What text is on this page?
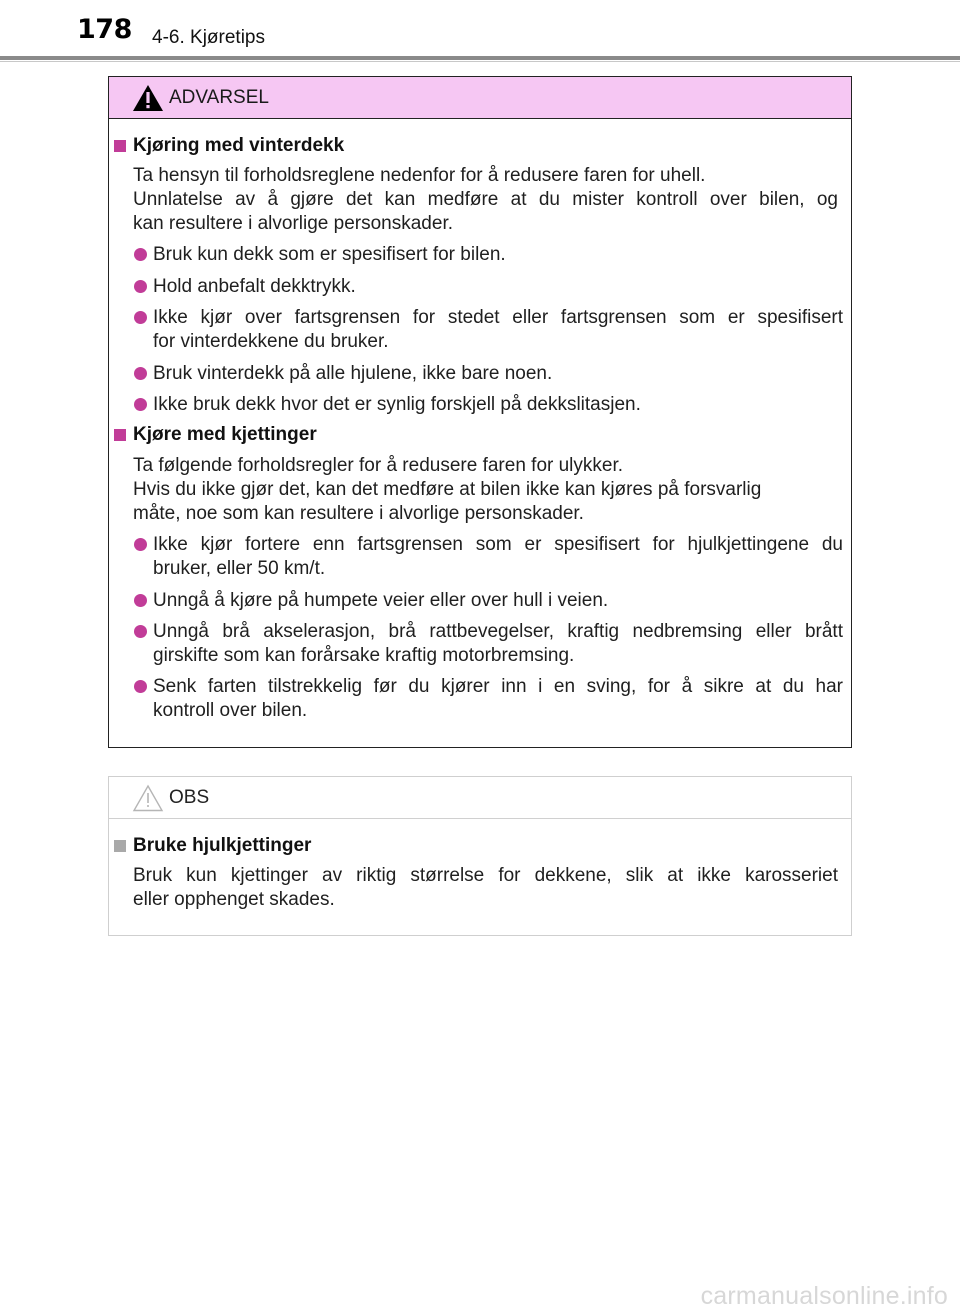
178 4-6. Kjøretips
ADVARSEL
OBS
Kjøring med vinterdekk
Ta hensyn til forholdsreglene nedenfor for å redusere faren for uhell.
Unnlatelse av å gjøre det kan medføre at du mister kontroll over bilen, og
kan resultere i alvorlige personskader.
Bruk kun dekk som er spesifisert for bilen.
Hold anbefalt dekktrykk.
Ikke kjør over fartsgrensen for stedet eller fartsgrensen som er spesifisert
for vinterdekkene du bruker.
Bruk vinterdekk på alle hjulene, ikke bare noen.
Ikke bruk dekk hvor det er synlig forskjell på dekkslitasjen.
Kjøre med kjettinger
Ta følgende forholdsregler for å redusere faren for ulykker.
Hvis du ikke gjør det, kan det medføre at bilen ikke kan kjøres på forsvarlig
måte, noe som kan resultere i alvorlige personskader.
Ikke kjør fortere enn fartsgrensen som er spesifisert for hjulkjettingene du
bruker, eller 50 km/t.
Unngå å kjøre på humpete veier eller over hull i veien.
Unngå brå akselerasjon, brå rattbevegelser, kraftig nedbremsing eller brått
girskifte som kan forårsake kraftig motorbremsing.
Senk farten tilstrekkelig før du kjører inn i en sving, for å sikre at du har
kontroll over bilen.
Bruke hjulkjettinger
Bruk kun kjettinger av riktig størrelse for dekkene, slik at ikke karosseriet
eller opphenget skades.
carmanualsonline.info
